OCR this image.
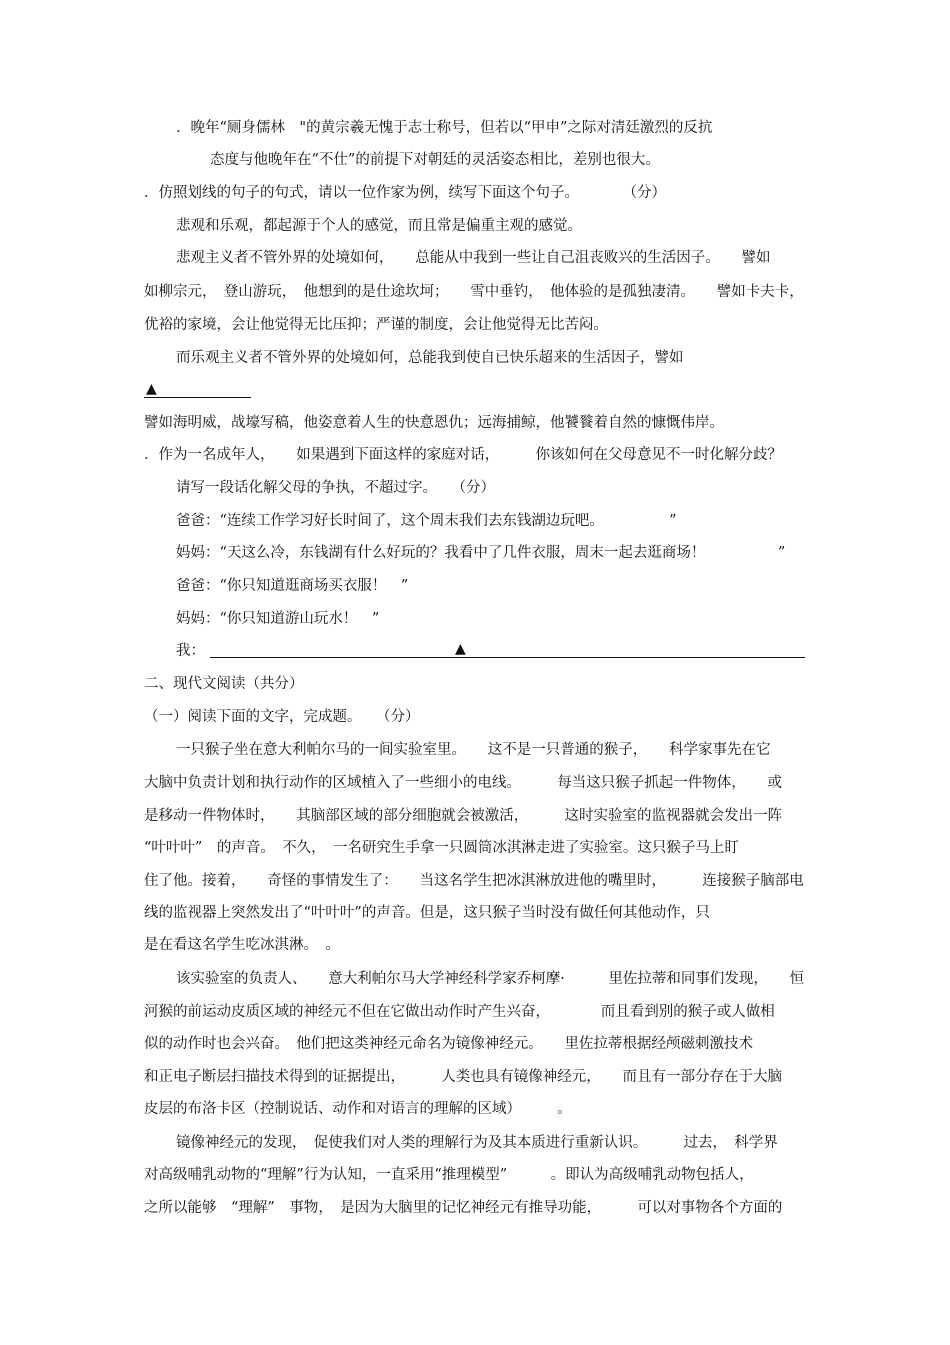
．晚年“厕身儒林　"的黄宗羲无愧于志士称号，但若以“甲申”之际对清廷激烈的反抗
态度与他晚年在“不仕”的前提下对朝廷的灵活姿态相比，差别也很大。
．仿照划线的句子的句式，请以一位作家为例，续写下面这个句子。　　　　（分）
悲观和乐观，都起源于个人的感觉，而且常是偏重主观的感觉。
悲观主义者不管外界的处境如何，　　总能从中我到一些让自己沮丧败兴的生活因子。　　譬如
如柳宗元，　登山游玩，　他想到的是仕途坎坷；　　雪中垂钓，　他体验的是孤独凄清。　　譬如卡夫卡，
优裕的家境，会让他觉得无比压抑；严谨的制度，会让他觉得无比苦闷。
而乐观主义者不管外界的处境如何，总能我到使自已快乐超来的生活因子，譬如
▲
譬如海明威，战壕写稿，他姿意着人生的快意恩仇；远海捕鲸，他饕餮着自然的慷慨伟岸。
．作为一名成年人，　　如果遇到下面这样的家庭对话，　　　你该如何在父母意见不一时化解分歧？
请写一段话化解父母的争执，不超过字。　　（分）
爸爸：“连续工作学习好长时间了，这个周末我们去东钱湖边玩吧。　　　　　”
妈妈：“天这么冷，东钱湖有什么好玩的？我看中了几件衣服，周末一起去逛商场！　　　　　”
爸爸：“你只知道逛商场买衣服！　”
妈妈：“你只知道游山玩水！　”
我：	▲
二、现代文阅读（共分）
（一）阅读下面的文字，完成题。　　（分）
一只猴子坐在意大利帕尔马的一间实验室里。　　这不是一只普通的猴子，　　科学家事先在它
大脑中负责计划和执行动作的区域植入了一些细小的电线。　　　每当这只猴子抓起一件物体，　　或
是移动一件物体时，　　其脑部区域的部分细胞就会被激活，　　　这时实验室的监视器就会发出一阵
“叶叶叶”　的声音。　不久，　一名研究生手拿一只圆筒冰淇淋走进了实验室。这只猴子马上盯
住了他。接着，　　奇怪的事情发生了：　　当这名学生把冰淇淋放进他的嘴里时，　　　连接猴子脑部电
线的监视器上突然发出了“叶叶叶”的声音。但是，这只猴子当时没有做任何其他动作，只
是在看这名学生吃冰淇淋。　。
该实验室的负责人、　　意大利帕尔马大学神经科学家乔柯摩·　　　里佐拉蒂和同事们发现，　　恒
河猴的前运动皮质区域的神经元不但在它做出动作时产生兴奋，　　　　而且看到别的猴子或人做相
似的动作时也会兴奋。　他们把这类神经元命名为镜像神经元。　　里佐拉蒂根据经颅磁刺激技术
和正电子断层扫描技术得到的证据提出，　　　人类也具有镜像神经元，　　而且有一部分存在于大脑
皮层的布洛卡区（控制说话、动作和对语言的理解的区域）　　　。
镜像神经元的发现，　促使我们对人类的理解行为及其本质进行重新认识。　　　过去，　科学界
对高级哺乳动物的“理解”行为认知，一直采用“推理模型”　　　。即认为高级哺乳动物包括人，
之所以能够　“理解”　事物，　是因为大脑里的记忆神经元有推导功能，　　　可以对事物各个方面的
